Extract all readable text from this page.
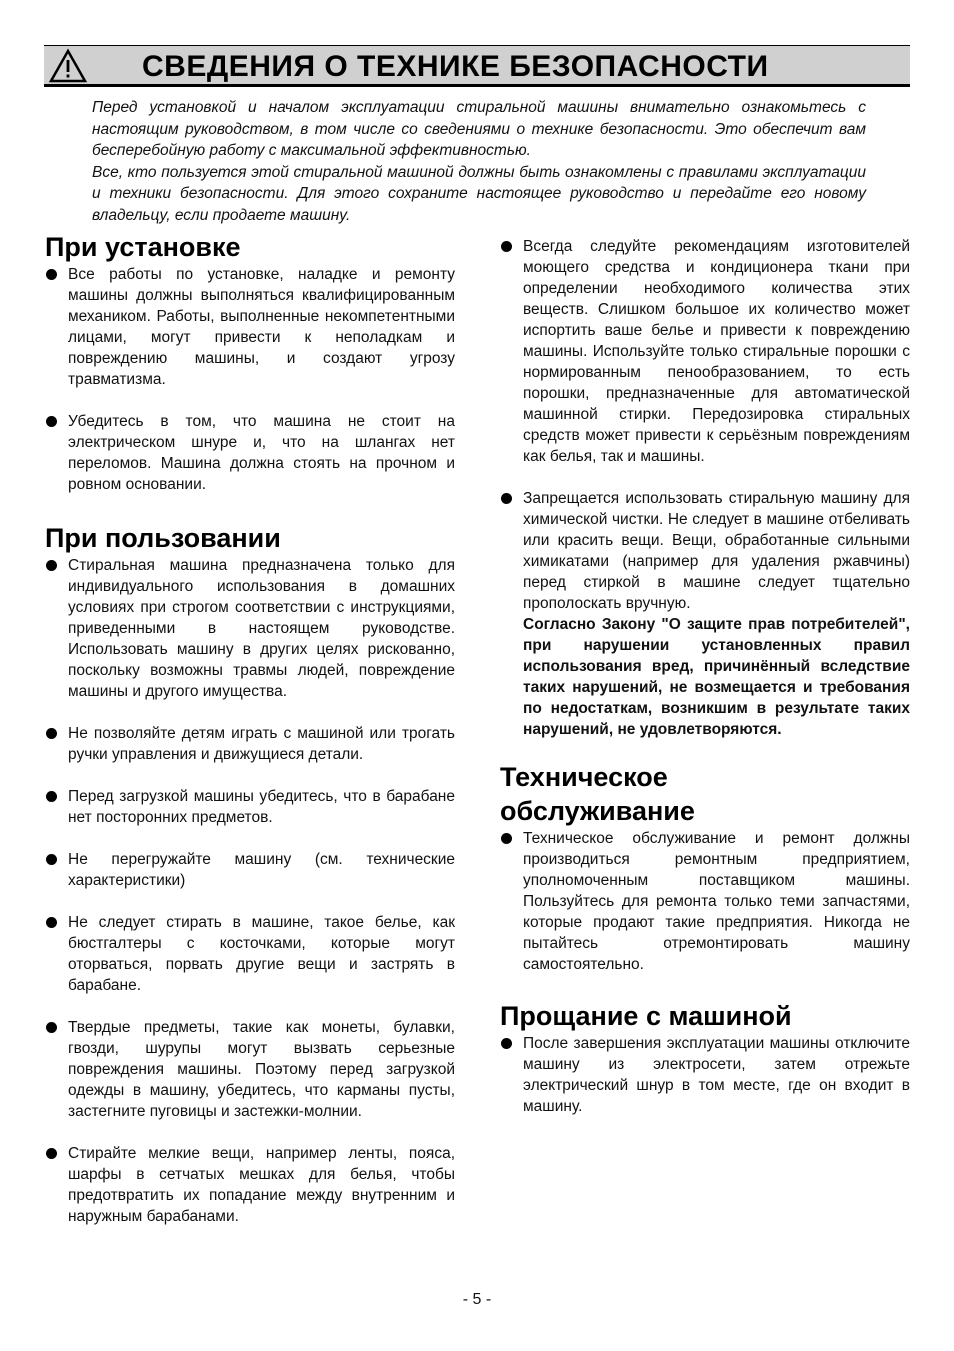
СВЕДЕНИЯ О ТЕХНИКЕ БЕЗОПАСНОСТИ

Перед установкой и началом эксплуатации стиральной машины внимательно ознакомьтесь с настоящим руководством, в том числе со сведениями о технике безопасности. Это обеспечит вам бесперебойную работу с максимальной эффективностью.

Все, кто пользуется этой стиральной машиной должны быть ознакомлены с правилами эксплуатации и техники безопасности. Для этого сохраните настоящее руководство и передайте его новому владельцу, если продаете машину.

При установке
Все работы по установке, наладке и ремонту машины должны выполняться квалифицированным механиком. Работы, выполненные некомпетентными лицами, могут привести к неполадкам и повреждению машины, и создают угрозу травматизма.
Убедитесь в том, что машина не стоит на электрическом шнуре и, что на шлангах нет переломов. Машина должна стоять на прочном и ровном основании.
При пользовании
Стиральная машина предназначена только для индивидуального использования в домашних условиях при строгом соответствии с инструкциями, приведенными в настоящем руководстве. Использовать машину в других целях рискованно, поскольку возможны травмы людей, повреждение машины и другого имущества.
Не позволяйте детям играть с машиной или трогать ручки управления и движущиеся детали.
Перед загрузкой машины убедитесь, что в барабане нет посторонних предметов.
Не перегружайте машину (см. технические характеристики)
Не следует стирать в машине, такое белье, как бюстгалтеры с косточками, которые могут оторваться, порвать другие вещи и застрять в барабане.
Твердые предметы, такие как монеты, булавки, гвозди, шурупы могут вызвать серьезные повреждения машины. Поэтому перед загрузкой одежды в машину, убедитесь, что карманы пусты, застегните пуговицы и застежки-молнии.
Стирайте мелкие вещи, например ленты, пояса, шарфы в сетчатых мешках для белья, чтобы предотвратить их попадание между внутренним и наружным барабанами.
Всегда следуйте рекомендациям изготовителей моющего средства и кондиционера ткани при определении необходимого количества этих веществ. Слишком большое их количество может испортить ваше белье и привести к повреждению машины. Используйте только стиральные порошки с нормированным пенообразованием, то есть порошки, предназначенные для автоматической машинной стирки. Передозировка стиральных средств может привести к серьёзным повреждениям как белья, так и машины.
Запрещается использовать стиральную машину для химической чистки. Не следует в машине отбеливать или красить вещи. Вещи, обработанные сильными химикатами (например для удаления ржавчины) перед стиркой в машине следует тщательно прополоскать вручную.
Согласно Закону "О защите прав потребителей", при нарушении установленных правил использования вред, причинённый вследствие таких нарушений, не возмещается и требования по недостаткам, возникшим в результате таких нарушений, не удовлетворяются.
Техническое
обслуживание
Техническое обслуживание и ремонт должны производиться ремонтным предприятием, уполномоченным поставщиком машины. Пользуйтесь для ремонта только теми запчастями, которые продают такие предприятия. Никогда не пытайтесь отремонтировать машину самостоятельно.
Прощание с машиной
После завершения эксплуатации машины отключите машину из электросети, затем отрежьте электрический шнур в том месте, где он входит в машину.
- 5 -
